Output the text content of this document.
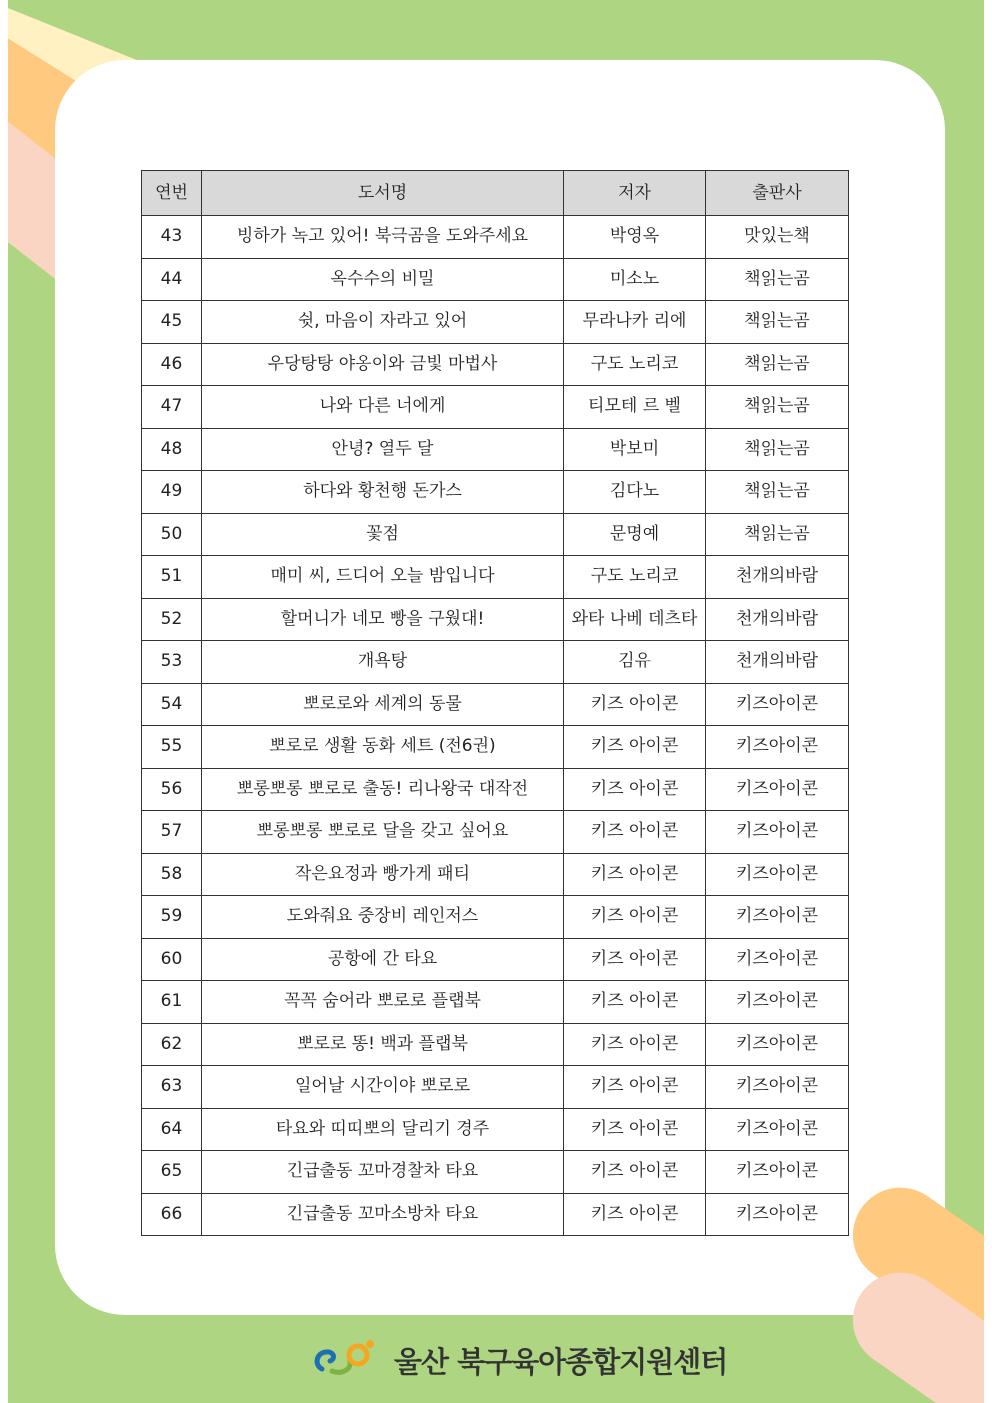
연번	도서명	저자	출판사
43	빙하가 녹고 있어! 북극곰을 도와주세요	박영옥	맛있는책
44	옥수수의 비밀	미소노	책읽는곰
45	쉿, 마음이 자라고 있어	무라나카 리에	책읽는곰
46	우당탕탕 야옹이와 금빛 마법사	구도 노리코	책읽는곰
47	나와 다른 너에게	티모테 르 벨	책읽는곰
48	안녕? 열두 달	박보미	책읽는곰
49	하다와 황천행 돈가스	김다노	책읽는곰
50	꽃점	문명예	책읽는곰
51	매미 씨, 드디어 오늘 밤입니다	구도 노리코	천개의바람
52	할머니가 네모 빵을 구웠대!	와타 나베 데츠타	천개의바람
53	개욕탕	김유	천개의바람
54	뽀로로와 세계의 동물	키즈 아이콘	키즈아이콘
55	뽀로로 생활 동화 세트 (전6권)	키즈 아이콘	키즈아이콘
56	뽀롱뽀롱 뽀로로 출동! 리나왕국 대작전	키즈 아이콘	키즈아이콘
57	뽀롱뽀롱 뽀로로 달을 갖고 싶어요	키즈 아이콘	키즈아이콘
58	작은요정과 빵가게 패티	키즈 아이콘	키즈아이콘
59	도와줘요 중장비 레인저스	키즈 아이콘	키즈아이콘
60	공항에 간 타요	키즈 아이콘	키즈아이콘
61	꼭꼭 숨어라 뽀로로 플랩북	키즈 아이콘	키즈아이콘
62	뽀로로 똥! 백과 플랩북	키즈 아이콘	키즈아이콘
63	일어날 시간이야 뽀로로	키즈 아이콘	키즈아이콘
64	타요와 띠띠뽀의 달리기 경주	키즈 아이콘	키즈아이콘
65	긴급출동 꼬마경찰차 타요	키즈 아이콘	키즈아이콘
66	긴급출동 꼬마소방차 타요	키즈 아이콘	키즈아이콘
울산 북구육아종합지원센터
